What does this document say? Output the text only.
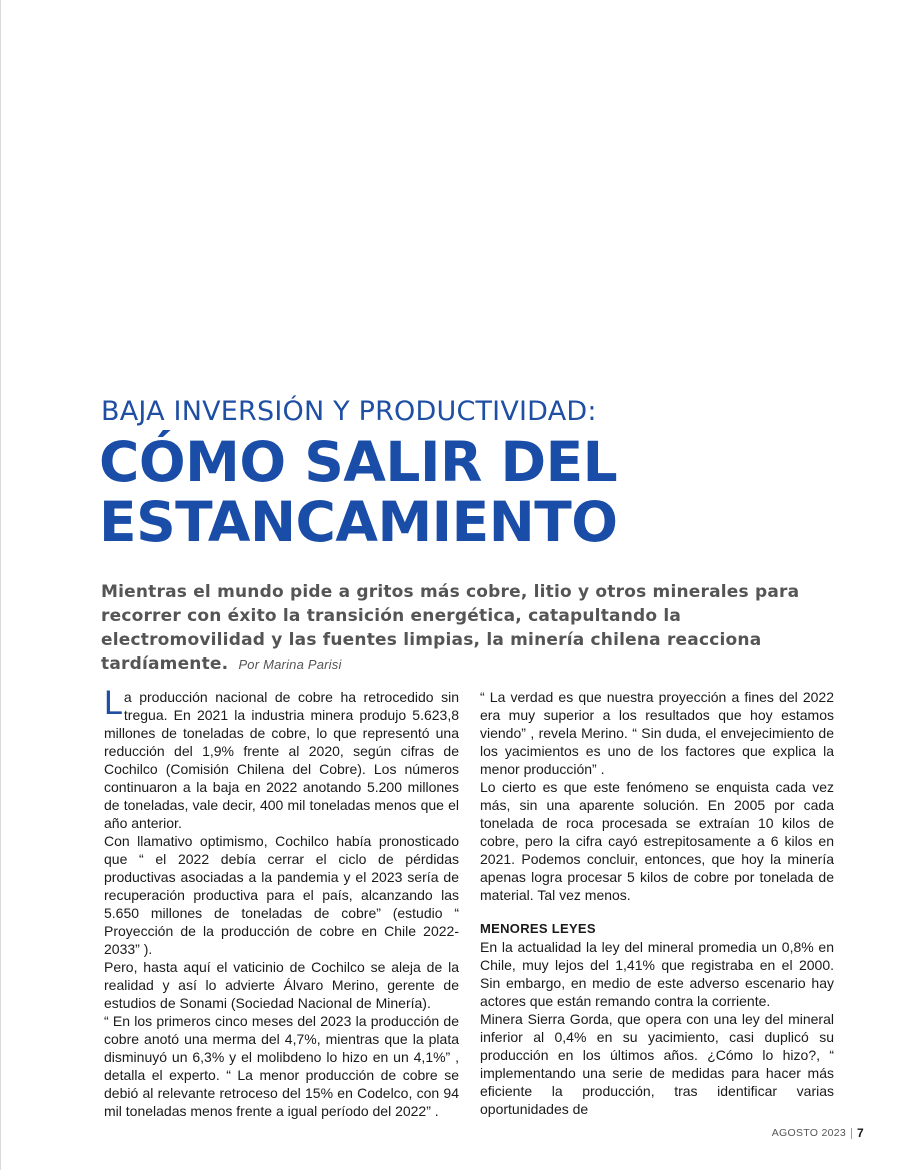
BAJA INVERSIÓN Y PRODUCTIVIDAD:
CÓMO SALIR DEL
ESTANCAMIENTO

Mientras el mundo pide a gritos más cobre, litio y otros minerales para recorrer con éxito la transición energética, catapultando la electromovilidad y las fuentes limpias, la minería chilena reacciona tardíamente. Por Marina Parisi

La producción nacional de cobre ha retrocedido sin tregua. En 2021 la industria minera produjo 5.623,8 millones de toneladas de cobre, lo que representó una reducción del 1,9% frente al 2020, según cifras de Cochilco (Comisión Chilena del Cobre). Los números continuaron a la baja en 2022 anotando 5.200 millones de toneladas, vale decir, 400 mil toneladas menos que el año anterior.

Con llamativo optimismo, Cochilco había pronosticado que “ el 2022 debía cerrar el ciclo de pérdidas productivas asociadas a la pandemia y el 2023 sería de recuperación productiva para el país, alcanzando las 5.650 millones de toneladas de cobre” (estudio “ Proyección de la producción de cobre en Chile 2022-2033” ).

Pero, hasta aquí el vaticinio de Cochilco se aleja de la realidad y así lo advierte Álvaro Merino, gerente de estudios de Sonami (Sociedad Nacional de Minería).

“ En los primeros cinco meses del 2023 la producción de cobre anotó una merma del 4,7%, mientras que la plata disminuyó un 6,3% y el molibdeno lo hizo en un 4,1%” , detalla el experto. “ La menor producción de cobre se debió al relevante retroceso del 15% en Codelco, con 94 mil toneladas menos frente a igual período del 2022” .

“ La verdad es que nuestra proyección a fines del 2022 era muy superior a los resultados que hoy estamos viendo” , revela Merino. “ Sin duda, el envejecimiento de los yacimientos es uno de los factores que explica la menor producción” .

Lo cierto es que este fenómeno se enquista cada vez más, sin una aparente solución. En 2005 por cada tonelada de roca procesada se extraían 10 kilos de cobre, pero la cifra cayó estrepitosamente a 6 kilos en 2021. Podemos concluir, entonces, que hoy la minería apenas logra procesar 5 kilos de cobre por tonelada de material. Tal vez menos.

MENORES LEYES

En la actualidad la ley del mineral promedia un 0,8% en Chile, muy lejos del 1,41% que registraba en el 2000. Sin embargo, en medio de este adverso escenario hay actores que están remando contra la corriente.

Minera Sierra Gorda, que opera con una ley del mineral inferior al 0,4% en su yacimiento, casi duplicó su producción en los últimos años. ¿Cómo lo hizo?, “ implementando una serie de medidas para hacer más eficiente la producción, tras identificar varias oportunidades de

AGOSTO 2023 7
